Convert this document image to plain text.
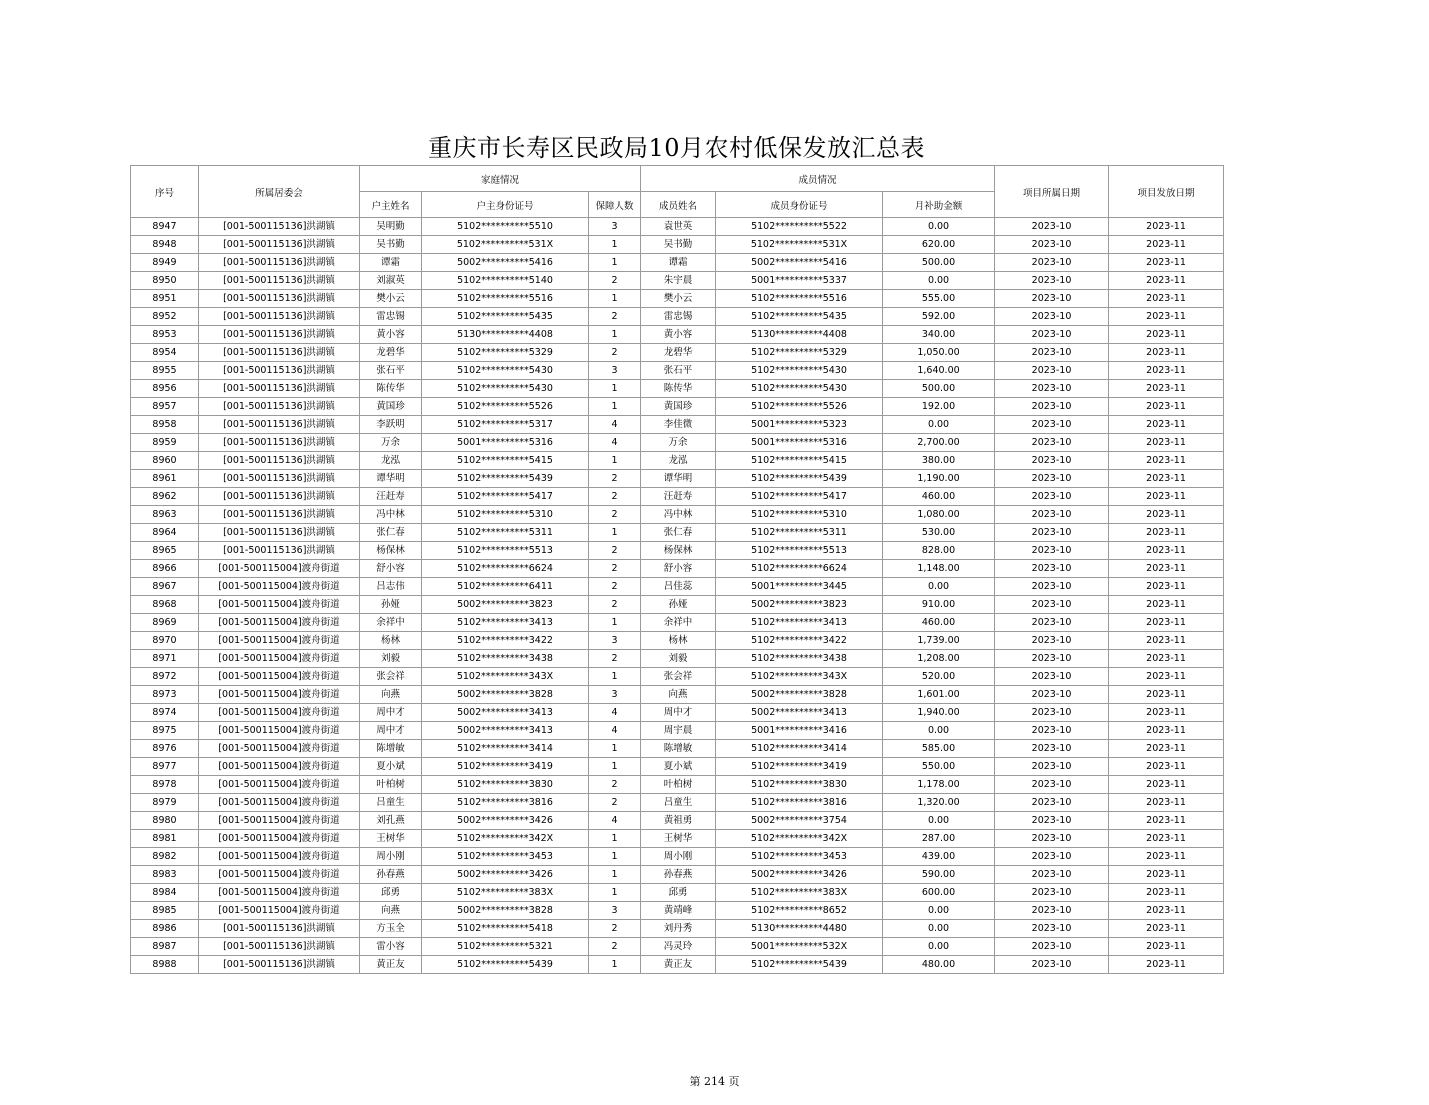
重庆市长寿区民政局10月农村低保发放汇总表
序号	所属居委会	家庭情况			成员情况			项目所属日期	项目发放日期
		户主姓名	户主身份证号	保障人数	成员姓名	成员身份证号	月补助金额		
8947	[001-500115136]洪湖镇	吴明勤	5102**********5510	3	袁世英	5102**********5522	0.00	2023-10	2023-11
8948	[001-500115136]洪湖镇	吴书勤	5102**********531X	1	吴书勤	5102**********531X	620.00	2023-10	2023-11
8949	[001-500115136]洪湖镇	谭霜	5002**********5416	1	谭霜	5002**********5416	500.00	2023-10	2023-11
8950	[001-500115136]洪湖镇	刘淑英	5102**********5140	2	朱宇晨	5001**********5337	0.00	2023-10	2023-11
8951	[001-500115136]洪湖镇	樊小云	5102**********5516	1	樊小云	5102**********5516	555.00	2023-10	2023-11
8952	[001-500115136]洪湖镇	雷忠锡	5102**********5435	2	雷忠锡	5102**********5435	592.00	2023-10	2023-11
8953	[001-500115136]洪湖镇	黄小容	5130**********4408	1	黄小容	5130**********4408	340.00	2023-10	2023-11
8954	[001-500115136]洪湖镇	龙碧华	5102**********5329	2	龙碧华	5102**********5329	1,050.00	2023-10	2023-11
8955	[001-500115136]洪湖镇	张石平	5102**********5430	3	张石平	5102**********5430	1,640.00	2023-10	2023-11
8956	[001-500115136]洪湖镇	陈传华	5102**********5430	1	陈传华	5102**********5430	500.00	2023-10	2023-11
8957	[001-500115136]洪湖镇	黄国珍	5102**********5526	1	黄国珍	5102**********5526	192.00	2023-10	2023-11
8958	[001-500115136]洪湖镇	李跃明	5102**********5317	4	李佳微	5001**********5323	0.00	2023-10	2023-11
8959	[001-500115136]洪湖镇	万余	5001**********5316	4	万余	5001**********5316	2,700.00	2023-10	2023-11
8960	[001-500115136]洪湖镇	龙泓	5102**********5415	1	龙泓	5102**********5415	380.00	2023-10	2023-11
8961	[001-500115136]洪湖镇	谭华明	5102**********5439	2	谭华明	5102**********5439	1,190.00	2023-10	2023-11
8962	[001-500115136]洪湖镇	汪赶寿	5102**********5417	2	汪赶寿	5102**********5417	460.00	2023-10	2023-11
8963	[001-500115136]洪湖镇	冯中林	5102**********5310	2	冯中林	5102**********5310	1,080.00	2023-10	2023-11
8964	[001-500115136]洪湖镇	张仁春	5102**********5311	1	张仁春	5102**********5311	530.00	2023-10	2023-11
8965	[001-500115136]洪湖镇	杨保林	5102**********5513	2	杨保林	5102**********5513	828.00	2023-10	2023-11
8966	[001-500115004]渡舟街道	舒小容	5102**********6624	2	舒小容	5102**********6624	1,148.00	2023-10	2023-11
8967	[001-500115004]渡舟街道	吕志伟	5102**********6411	2	吕佳蕊	5001**********3445	0.00	2023-10	2023-11
8968	[001-500115004]渡舟街道	孙娅	5002**********3823	2	孙娅	5002**********3823	910.00	2023-10	2023-11
8969	[001-500115004]渡舟街道	余祥中	5102**********3413	1	余祥中	5102**********3413	460.00	2023-10	2023-11
8970	[001-500115004]渡舟街道	杨林	5102**********3422	3	杨林	5102**********3422	1,739.00	2023-10	2023-11
8971	[001-500115004]渡舟街道	刘毅	5102**********3438	2	刘毅	5102**********3438	1,208.00	2023-10	2023-11
8972	[001-500115004]渡舟街道	张会祥	5102**********343X	1	张会祥	5102**********343X	520.00	2023-10	2023-11
8973	[001-500115004]渡舟街道	向燕	5002**********3828	3	向燕	5002**********3828	1,601.00	2023-10	2023-11
8974	[001-500115004]渡舟街道	周中才	5002**********3413	4	周中才	5002**********3413	1,940.00	2023-10	2023-11
8975	[001-500115004]渡舟街道	周中才	5002**********3413	4	周宇晨	5001**********3416	0.00	2023-10	2023-11
8976	[001-500115004]渡舟街道	陈增敏	5102**********3414	1	陈增敏	5102**********3414	585.00	2023-10	2023-11
8977	[001-500115004]渡舟街道	夏小斌	5102**********3419	1	夏小斌	5102**********3419	550.00	2023-10	2023-11
8978	[001-500115004]渡舟街道	叶柏树	5102**********3830	2	叶柏树	5102**********3830	1,178.00	2023-10	2023-11
8979	[001-500115004]渡舟街道	吕童生	5102**********3816	2	吕童生	5102**********3816	1,320.00	2023-10	2023-11
8980	[001-500115004]渡舟街道	刘孔燕	5002**********3426	4	黄祖勇	5002**********3754	0.00	2023-10	2023-11
8981	[001-500115004]渡舟街道	王树华	5102**********342X	1	王树华	5102**********342X	287.00	2023-10	2023-11
8982	[001-500115004]渡舟街道	周小刚	5102**********3453	1	周小刚	5102**********3453	439.00	2023-10	2023-11
8983	[001-500115004]渡舟街道	孙春燕	5002**********3426	1	孙春燕	5002**********3426	590.00	2023-10	2023-11
8984	[001-500115004]渡舟街道	邱勇	5102**********383X	1	邱勇	5102**********383X	600.00	2023-10	2023-11
8985	[001-500115004]渡舟街道	向燕	5002**********3828	3	黄靖峰	5102**********8652	0.00	2023-10	2023-11
8986	[001-500115136]洪湖镇	方玉全	5102**********5418	2	刘丹秀	5130**********4480	0.00	2023-10	2023-11
8987	[001-500115136]洪湖镇	雷小容	5102**********5321	2	冯灵玲	5001**********532X	0.00	2023-10	2023-11
8988	[001-500115136]洪湖镇	黄正友	5102**********5439	1	黄正友	5102**********5439	480.00	2023-10	2023-11
第 214 页
